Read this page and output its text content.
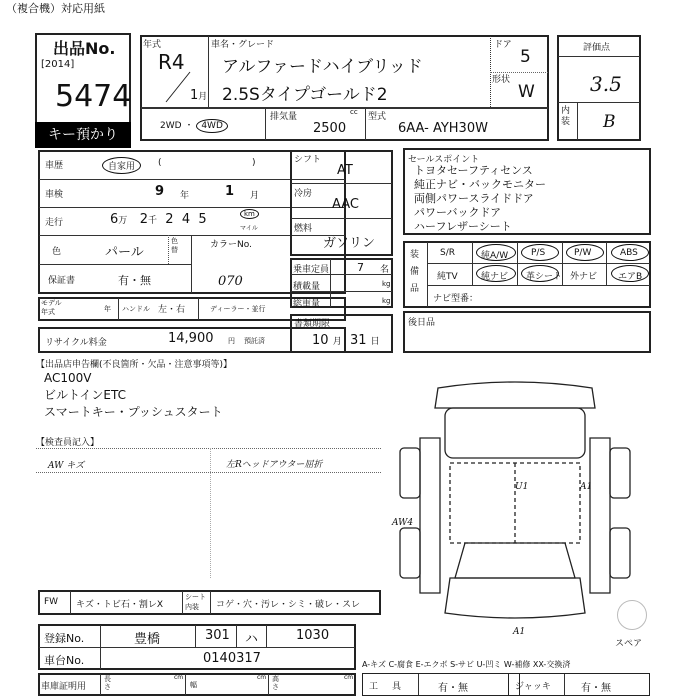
（複合機）対応用紙
出品No.
[2014]
5474
キー預かり
年式
R4
1月
車名・グレード
アルファードハイブリッド
2.5Sタイプゴールド2
ドア
5
形状
W
2WD ・ 4WD
排気量	cc
2500
型式
6AA- AYH30W
評価点
3.5
内装 B
車歴	自家用	(	)
車検	9 年	1 月
走行	6万 2千 2 4 5	km
マイル
色	パール
色替	カラーNo.
070
保証書	有・無
モデル年式	年 ハンドル 左・右	ディーラー・並行
リサイクル料金	14,900 円 預託済
シフト
AT
冷房
AAC
燃料
ガソリン
乗車定員	7 名
積載量	kg
総重量	kg
書類期限
10 月 31 日
セールスポイント
トヨタセーフティセンス
純正ナビ・バックモニター
両側パワースライドドア
パワーバックドア
ハーフレザーシート
装備品
S/R	純A/W	P/S	P/W	ABS
純TV	純ナビ 革シート 外ナビ エアB
ナビ型番：
後日品
【出品店申告欄(不良箇所・欠品・注意事項等)】
AC100V
ビルトインETC
スマートキー・プッシュスタート
【検査員記入】
AW キズ	左Rヘッドアウター屈折
U1	A1
AW4
A1
スペア
FW キズ・トビ石・割レX
シート内装	コゲ・穴・汚レ・シミ・破レ・スレ
登録No.	豊橋	301 ハ	1030
車台No.	0140317
車庫証明用
長さ
cm
幅
cm 高さ
cm
A-キズ C-腐食 E-エクボ S-サビ U-凹ミ W-補修 XX-交換済
工具 有・無	ジャッキ	有・無
